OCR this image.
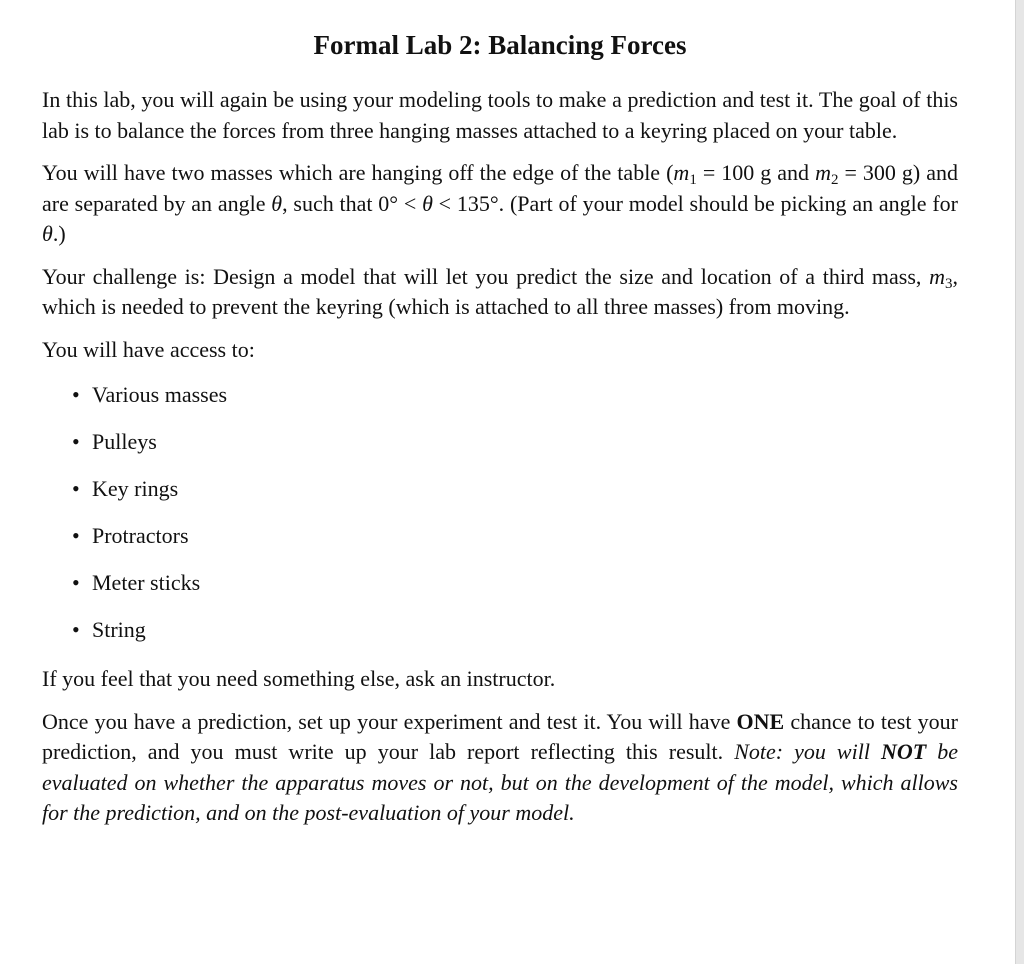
Formal Lab 2: Balancing Forces

In this lab, you will again be using your modeling tools to make a prediction and test it. The goal of this lab is to balance the forces from three hanging masses attached to a keyring placed on your table.

You will have two masses which are hanging off the edge of the table ($m_1 = 100$ g and $m_2 = 300$ g) and are separated by an angle θ, such that 0° < θ < 135°. (Part of your model should be picking an angle for θ.)

Your challenge is: Design a model that will let you predict the size and location of a third mass, $m_3$, which is needed to prevent the keyring (which is attached to all three masses) from moving.

You will have access to:

• Various masses
• Pulleys
• Key rings
• Protractors
• Meter sticks
• String

If you feel that you need something else, ask an instructor.

Once you have a prediction, set up your experiment and test it. You will have ONE chance to test your prediction, and you must write up your lab report reflecting this result. Note: you will NOT be evaluated on whether the apparatus moves or not, but on the development of the model, which allows for the prediction, and on the post-evaluation of your model.
